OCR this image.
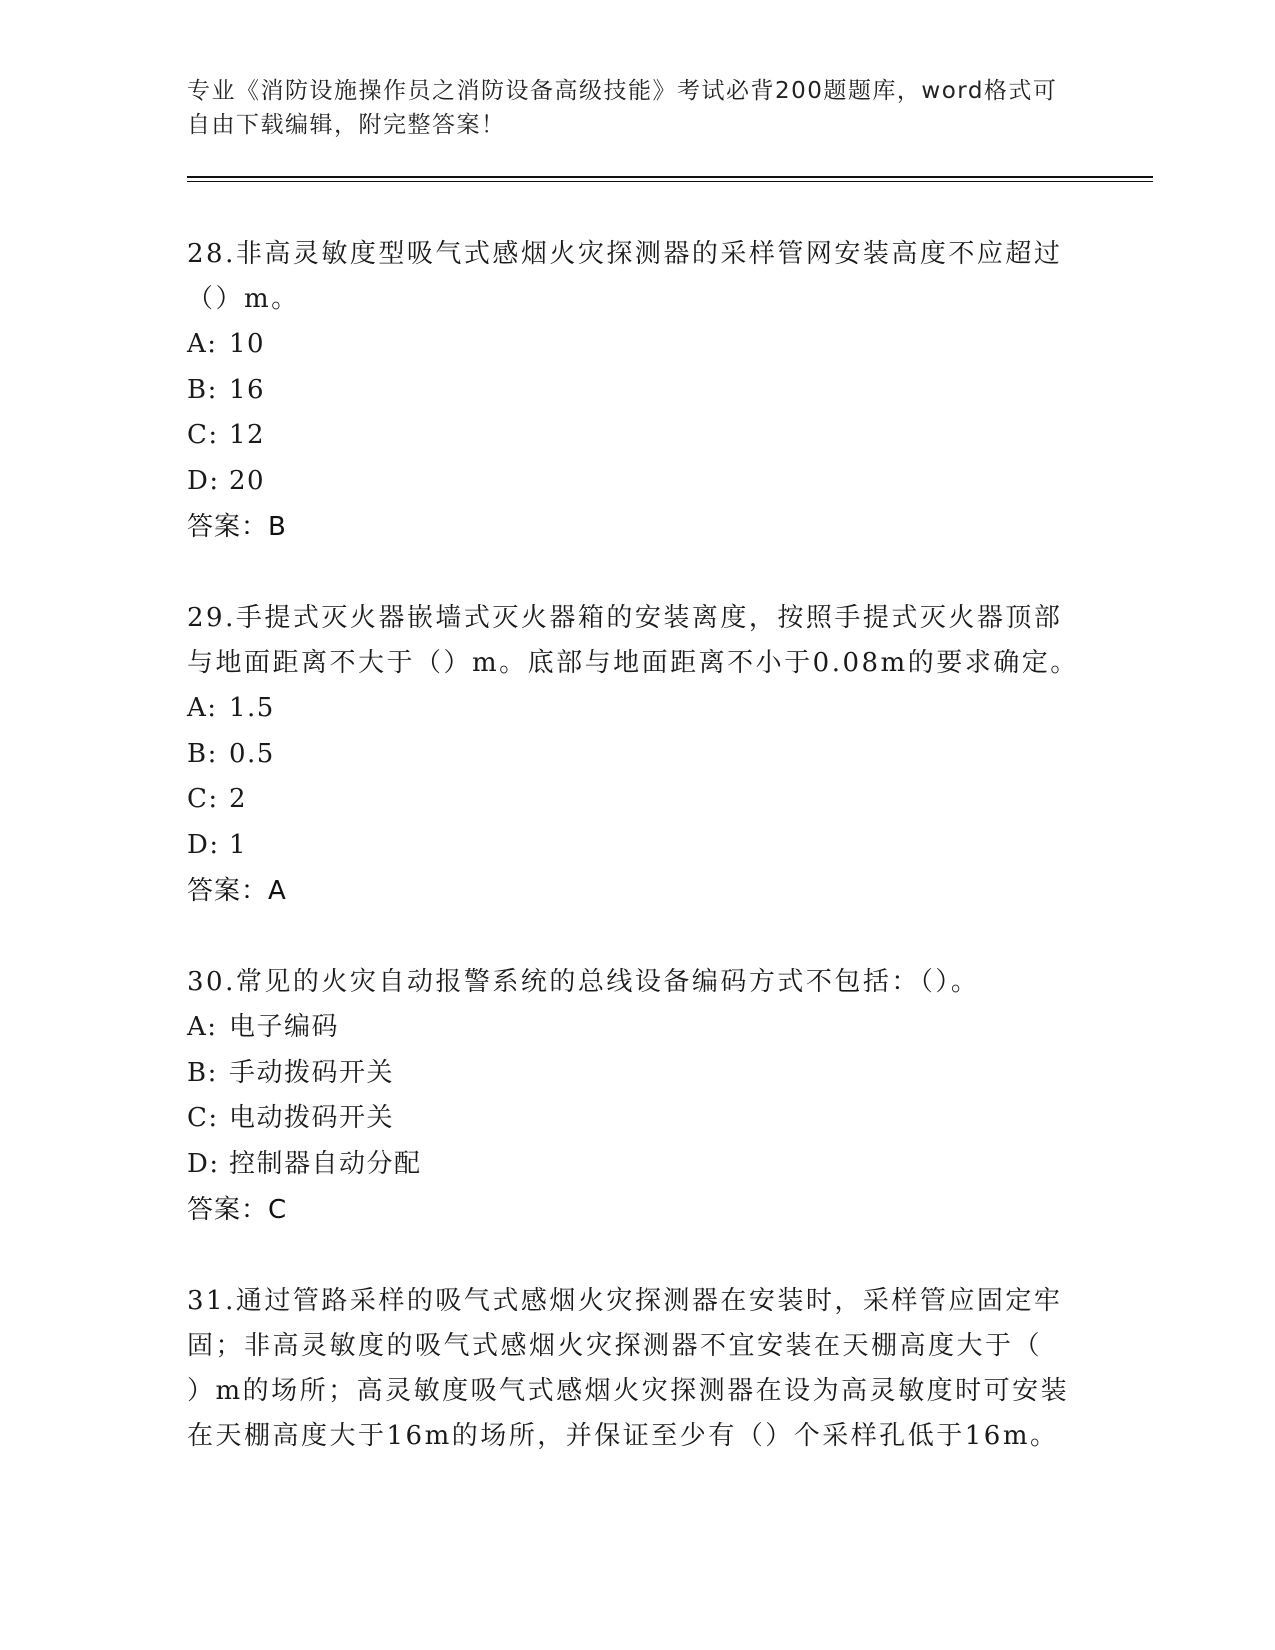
专业《消防设施操作员之消防设备高级技能》考试必背200题题库，word格式可
自由下载编辑，附完整答案！
28.非高灵敏度型吸气式感烟火灾探测器的采样管网安装高度不应超过
（）m。
A: 10
B: 16
C: 12
D: 20
答案：B
29.手提式灭火器嵌墙式灭火器箱的安装离度，按照手提式灭火器顶部
与地面距离不大于（）m。底部与地面距离不小于0.08m的要求确定。
A: 1.5
B: 0.5
C: 2
D: 1
答案：A
30.常见的火灾自动报警系统的总线设备编码方式不包括：（）。
A: 电子编码
B: 手动拨码开关
C: 电动拨码开关
D: 控制器自动分配
答案：C
31.通过管路采样的吸气式感烟火灾探测器在安装时，采样管应固定牢
固；非高灵敏度的吸气式感烟火灾探测器不宜安装在天棚高度大于（
）m的场所；高灵敏度吸气式感烟火灾探测器在设为高灵敏度时可安装
在天棚高度大于16m的场所，并保证至少有（）个采样孔低于16m。
